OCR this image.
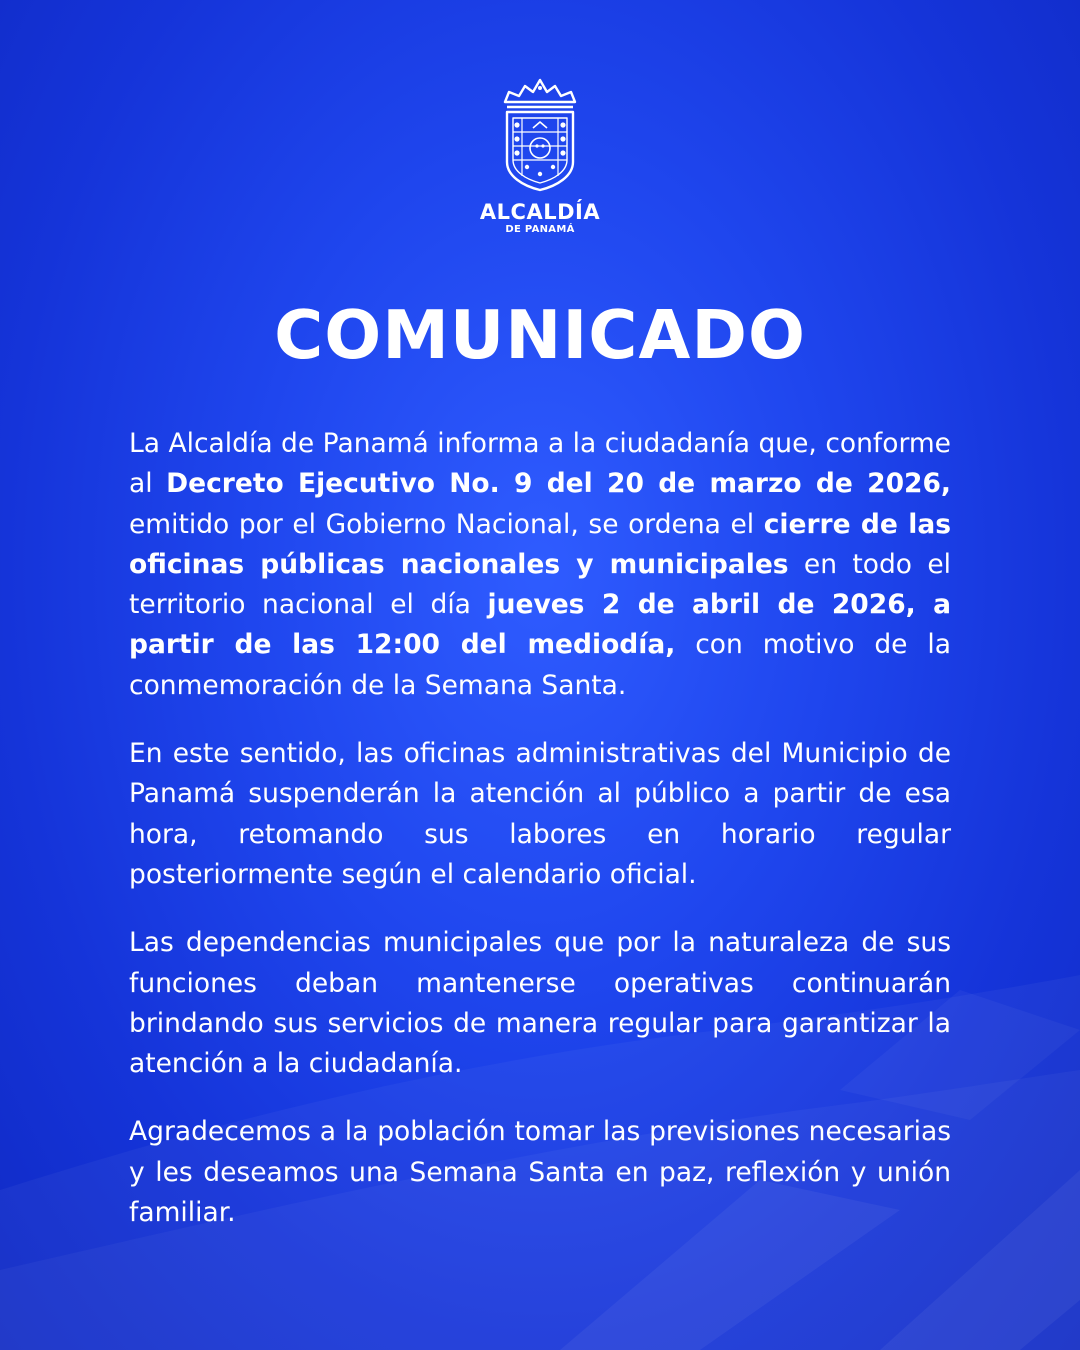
ALCALDÍA
DE PANAMÁ
COMUNICADO

La Alcaldía de Panamá informa a la ciudadanía que, conforme al Decreto Ejecutivo No. 9 del 20 de marzo de 2026, emitido por el Gobierno Nacional, se ordena el cierre de las oficinas públicas nacionales y municipales en todo el territorio nacional el día jueves 2 de abril de 2026, a partir de las 12:00 del mediodía, con motivo de la conmemoración de la Semana Santa.

En este sentido, las oficinas administrativas del Municipio de Panamá suspenderán la atención al público a partir de esa hora, retomando sus labores en horario regular posteriormente según el calendario oficial.

Las dependencias municipales que por la naturaleza de sus funciones deban mantenerse operativas continuarán brindando sus servicios de manera regular para garantizar la atención a la ciudadanía.

Agradecemos a la población tomar las previsiones necesarias y les deseamos una Semana Santa en paz, reflexión y unión familiar.
